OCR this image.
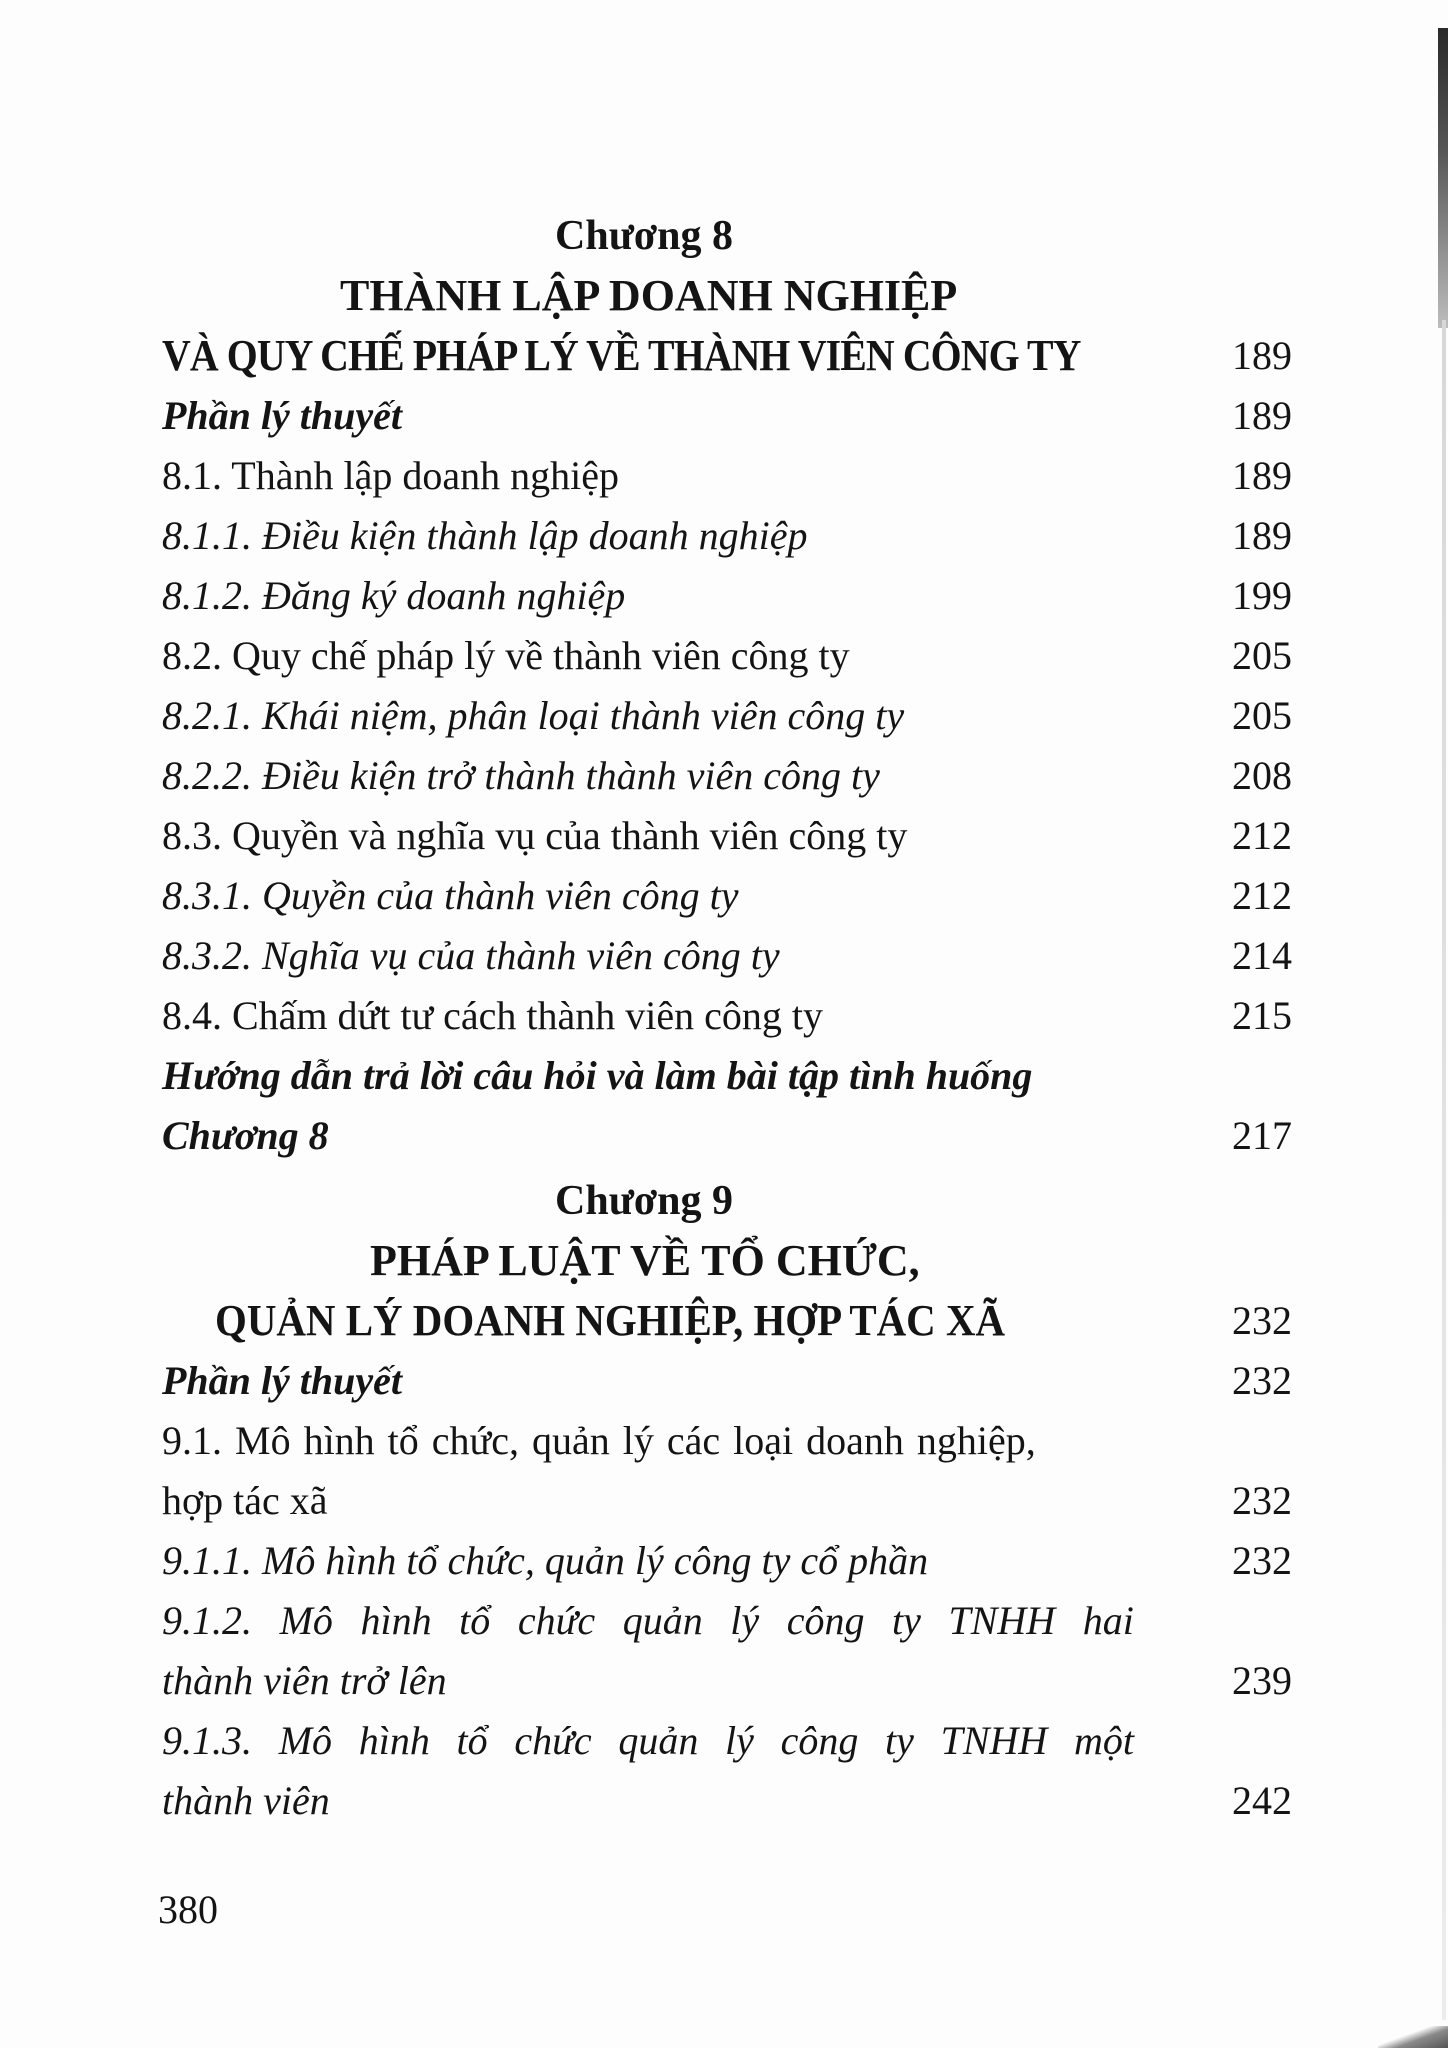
Chương 8
THÀNH LẬP DOANH NGHIỆP
VÀ QUY CHẾ PHÁP LÝ VỀ THÀNH VIÊN CÔNG TY	189
Phần lý thuyết	189
8.1. Thành lập doanh nghiệp	189
8.1.1. Điều kiện thành lập doanh nghiệp	189
8.1.2. Đăng ký doanh nghiệp	199
8.2. Quy chế pháp lý về thành viên công ty	205
8.2.1. Khái niệm, phân loại thành viên công ty	205
8.2.2. Điều kiện trở thành thành viên công ty	208
8.3. Quyền và nghĩa vụ của thành viên công ty	212
8.3.1. Quyền của thành viên công ty	212
8.3.2. Nghĩa vụ của thành viên công ty	214
8.4. Chấm dứt tư cách thành viên công ty	215
Hướng dẫn trả lời câu hỏi và làm bài tập tình huống
Chương 8	217
Chương 9
PHÁP LUẬT VỀ TỔ CHỨC,
QUẢN LÝ DOANH NGHIỆP, HỢP TÁC XÃ	232
Phần lý thuyết	232
9.1. Mô hình tổ chức, quản lý các loại doanh nghiệp,
hợp tác xã	232
9.1.1. Mô hình tổ chức, quản lý công ty cổ phần	232
9.1.2. Mô hình tổ chức quản lý công ty TNHH hai
thành viên trở lên	239
9.1.3. Mô hình tổ chức quản lý công ty TNHH một
thành viên	242
380
